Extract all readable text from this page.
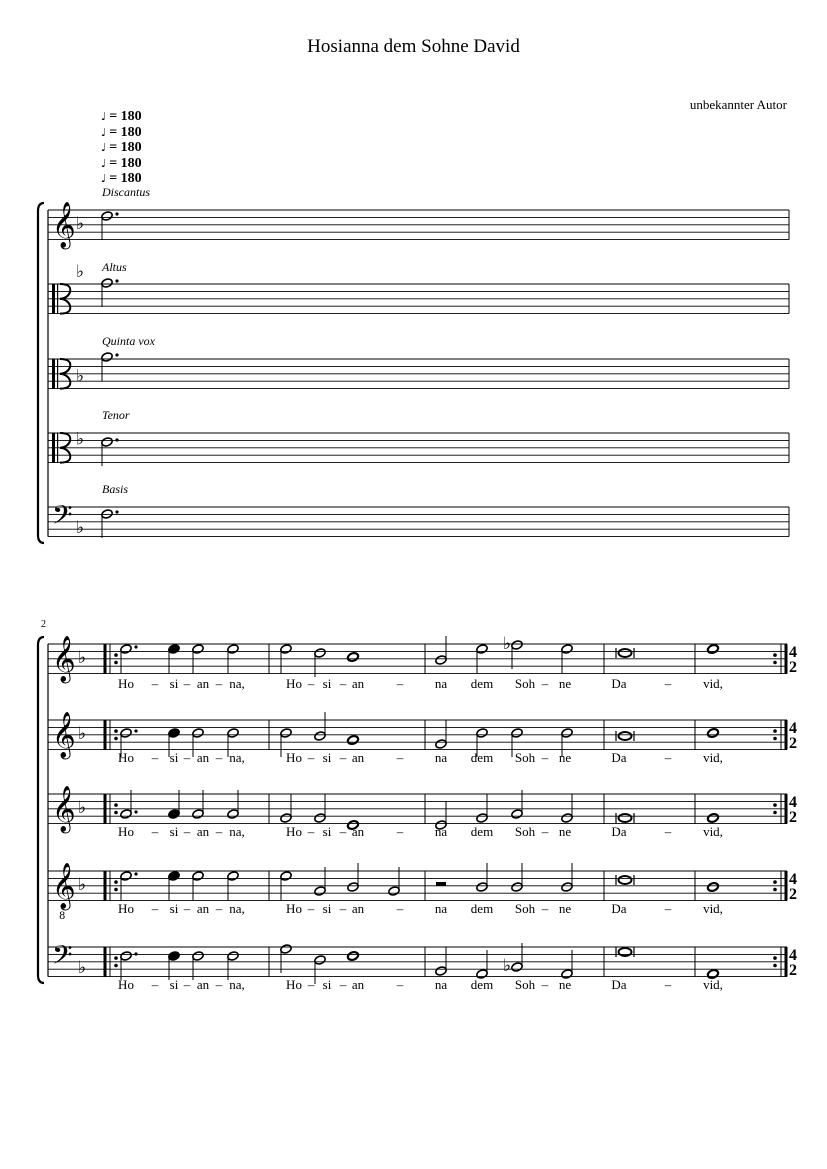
Hosianna dem Sohne David
unbekannter Autor
♩ = 180
♩ = 180
♩ = 180
♩ = 180
♩ = 180
Discantus
Altus
Quinta vox
Tenor
Basis
2
𝄞 ♭
♭
♭
♭
𝄢 ♭
𝄞 ♭	4
2
𝄞 ♭	4
2
𝄞 ♭	4
2
𝄞
8
♭	4
2
𝄢 ♭
4
2
♭
♭
Ho – si – an – na,	Ho – si – an	– na dem Soh – ne	Da	– vid,
Ho – si – an – na,	Ho – si – an	– na dem Soh – ne	Da	– vid,
Ho – si – an – na,	Ho – si – an	– na dem Soh – ne	Da	– vid,
Ho – si – an – na,	Ho – si – an	– na dem Soh – ne	Da	– vid,
Ho – si – an – na,	Ho – si – an	– na dem Soh – ne	Da	– vid,
